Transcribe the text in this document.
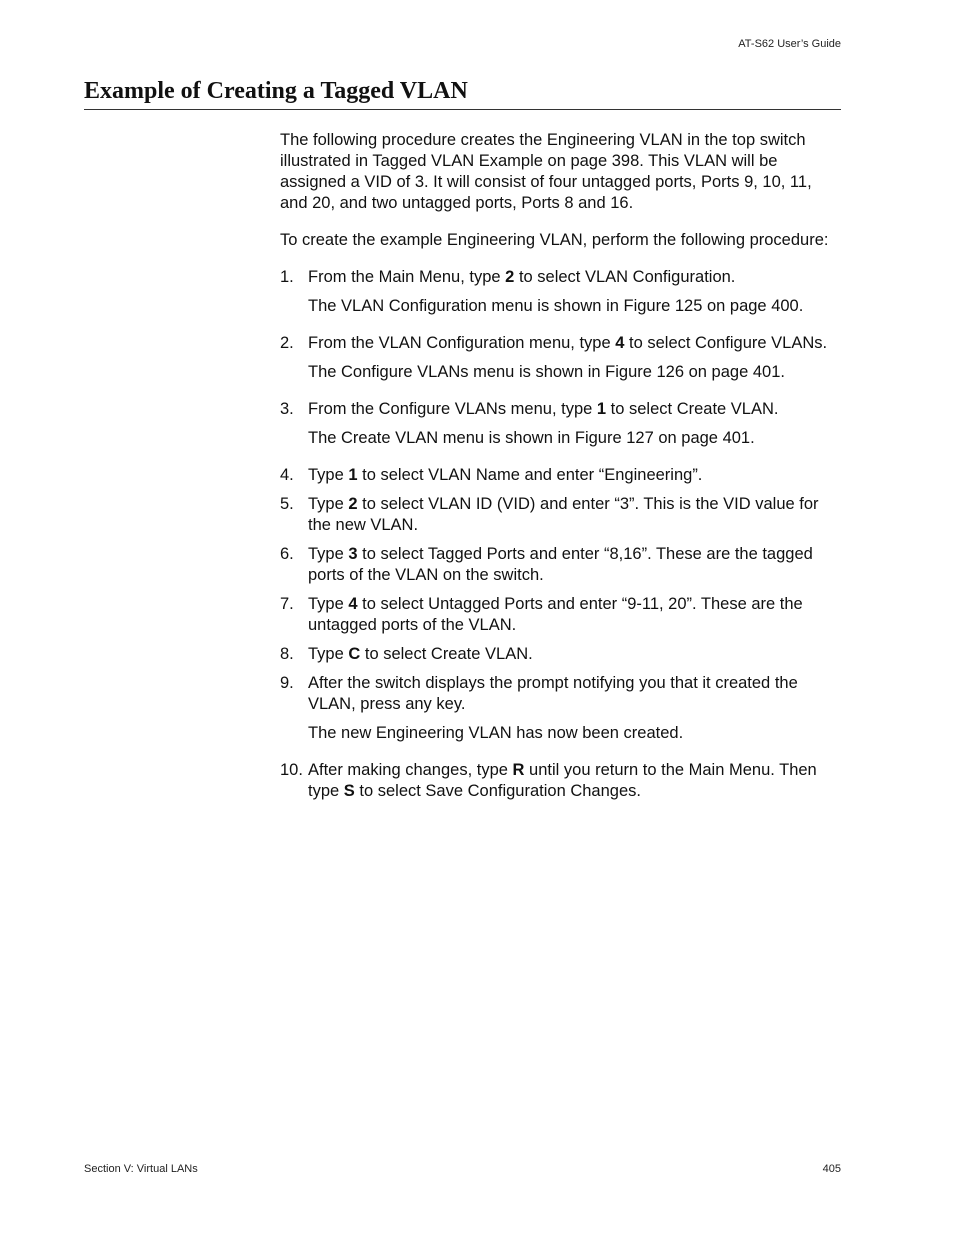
AT-S62 User’s Guide
Example of Creating a Tagged VLAN

The following procedure creates the Engineering VLAN in the top switch illustrated in Tagged VLAN Example on page 398. This VLAN will be assigned a VID of 3. It will consist of four untagged ports, Ports 9, 10, 11, and 20, and two untagged ports, Ports 8 and 16.

To create the example Engineering VLAN, perform the following procedure:

1. From the Main Menu, type 2 to select VLAN Configuration.

The VLAN Configuration menu is shown in Figure 125 on page 400.

2. From the VLAN Configuration menu, type 4 to select Configure VLANs.

The Configure VLANs menu is shown in Figure 126 on page 401.

3. From the Configure VLANs menu, type 1 to select Create VLAN.

The Create VLAN menu is shown in Figure 127 on page 401.

4. Type 1 to select VLAN Name and enter “Engineering”.
5. Type 2 to select VLAN ID (VID) and enter “3”. This is the VID value for the new VLAN.
6. Type 3 to select Tagged Ports and enter “8,16”. These are the tagged ports of the VLAN on the switch.
7. Type 4 to select Untagged Ports and enter “9-11, 20”. These are the untagged ports of the VLAN.
8. Type C to select Create VLAN.
9. After the switch displays the prompt notifying you that it created the VLAN, press any key.

The new Engineering VLAN has now been created.

10. After making changes, type R until you return to the Main Menu. Then type S to select Save Configuration Changes.
Section V: Virtual LANs	405
